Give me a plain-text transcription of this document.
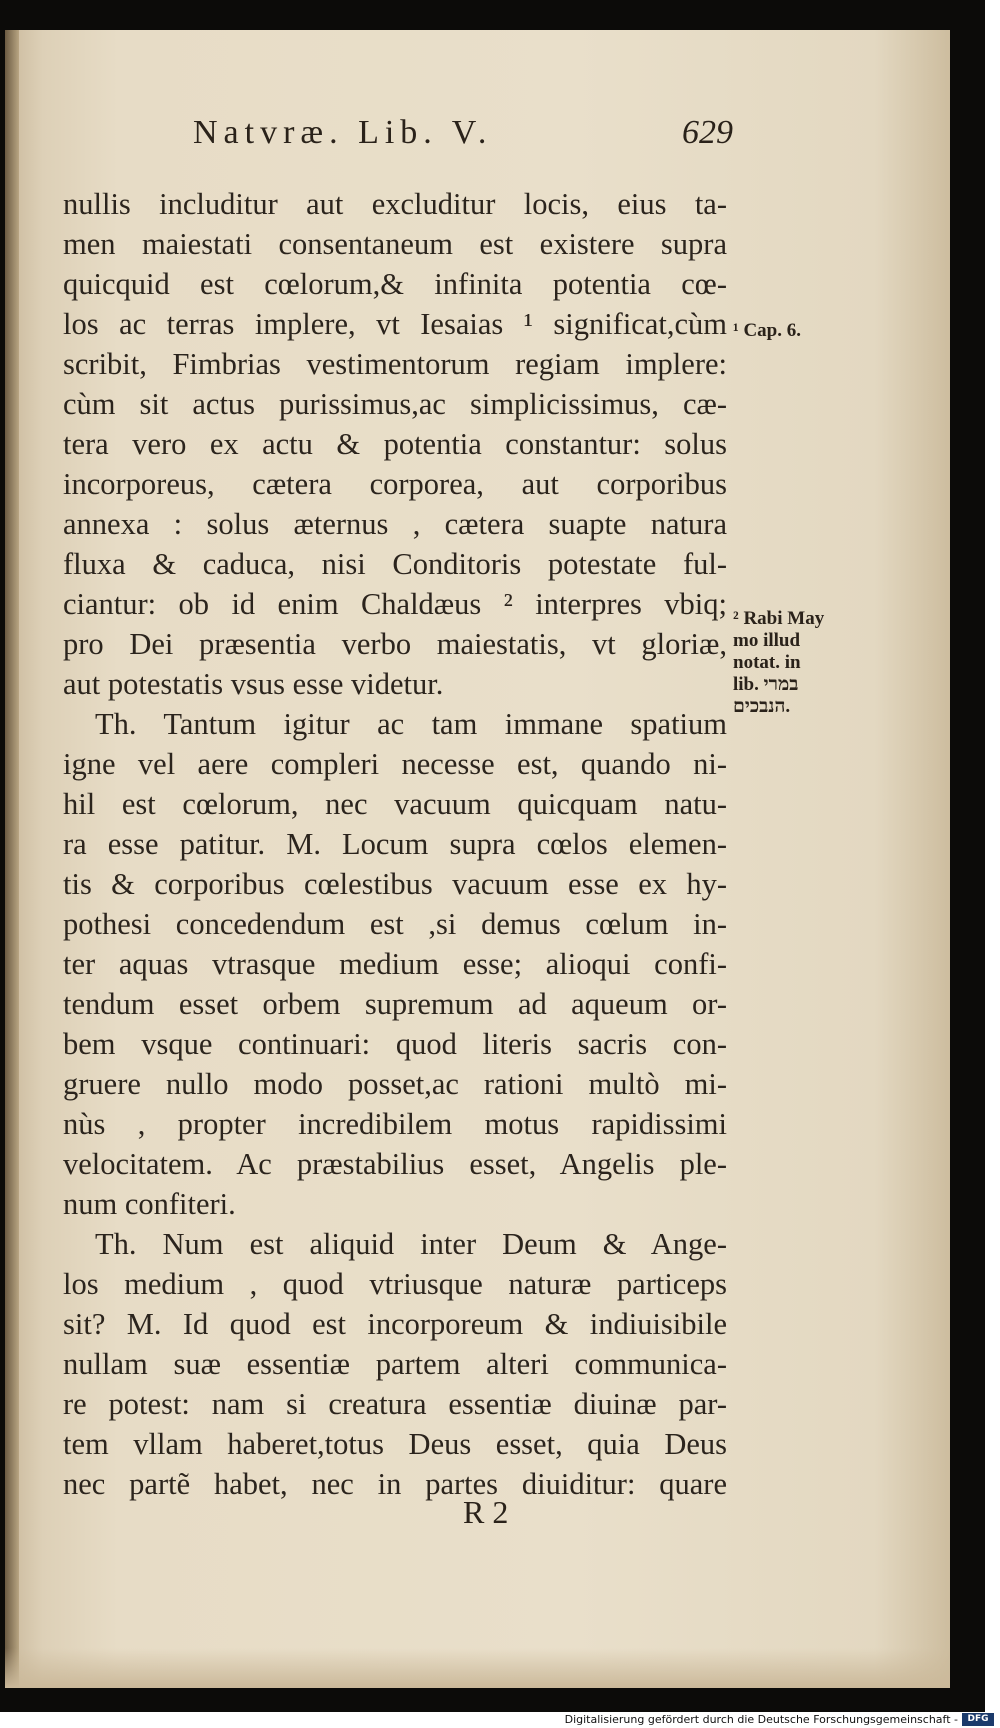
Natvræ. Lib. V.	629
nullis includitur aut excluditur locis, eius ta-
men maiestati consentaneum est existere supra
quicquid est cœlorum,& infinita potentia cœ-
los ac terras implere, vt Iesaias ¹ significat,cùm
scribit, Fimbrias vestimentorum regiam implere:
cùm sit actus purissimus,ac simplicissimus, cæ-
tera vero ex actu & potentia constantur: solus
incorporeus, cætera corporea, aut corporibus
annexa : solus æternus , cætera suapte natura
fluxa & caduca, nisi Conditoris potestate ful-
ciantur: ob id enim Chaldæus ² interpres vbiq;
pro Dei præsentia verbo maiestatis, vt gloriæ,
aut potestatis vsus esse videtur.
Th. Tantum igitur ac tam immane spatium
igne vel aere compleri necesse est, quando ni-
hil est cœlorum, nec vacuum quicquam natu-
ra esse patitur. M. Locum supra cœlos elemen-
tis & corporibus cœlestibus vacuum esse ex hy-
pothesi concedendum est ,si demus cœlum in-
ter aquas vtrasque medium esse; alioqui confi-
tendum esset orbem supremum ad aqueum or-
bem vsque continuari: quod literis sacris con-
gruere nullo modo posset,ac rationi multò mi-
nùs , propter incredibilem motus rapidissimi
velocitatem. Ac præstabilius esset, Angelis ple-
num confiteri.
Th. Num est aliquid inter Deum & Ange-
los medium , quod vtriusque naturæ particeps
sit? M. Id quod est incorporeum & indiuisibile
nullam suæ essentiæ partem alteri communica-
re potest: nam si creatura essentiæ diuinæ par-
tem vllam haberet,totus Deus esset, quia Deus
nec partẽ habet, nec in partes diuiditur: quare
¹ Cap. 6.
² Rabi May
mo illud
notat. in
lib. במרי
הנבכים.
R 2
Digitalisierung gefördert durch die Deutsche Forschungsgemeinschaft -	DFG
